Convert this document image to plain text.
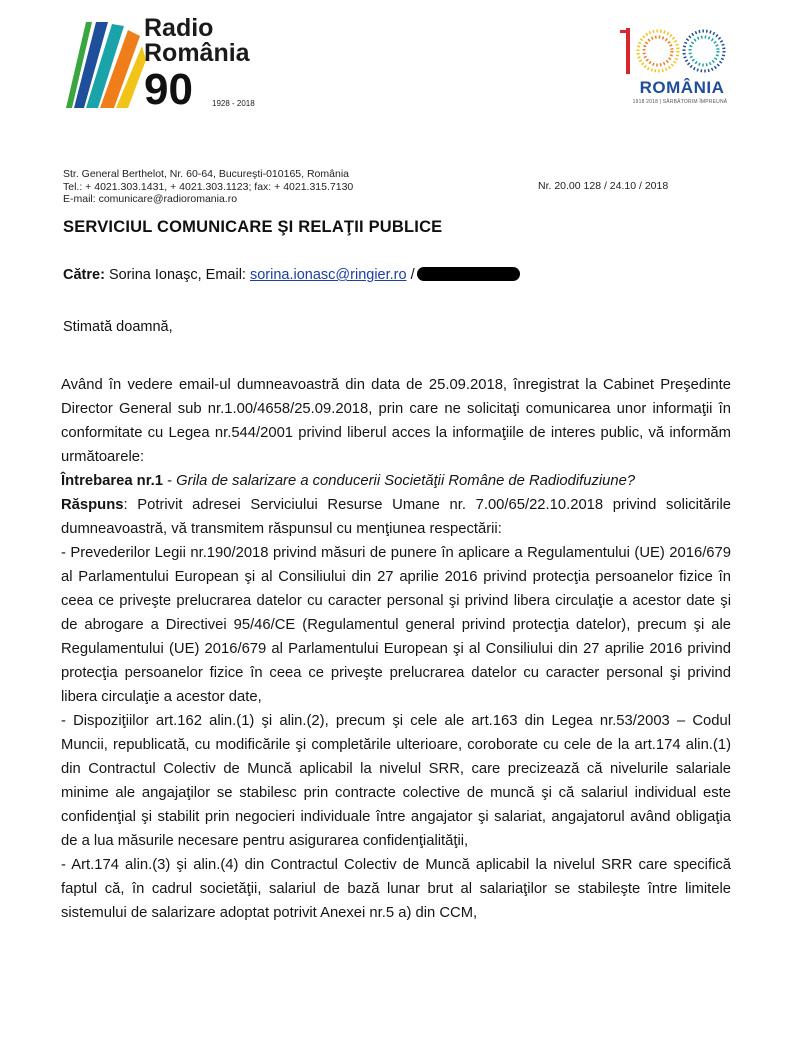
Radio
România
90 1928 - 2018
ROMÂNIA
1918 2018 | SĂRBĂTORIM ÎMPREUNĂ
Str. General Berthelot, Nr. 60-64, Bucureşti-010165, România
Tel.: + 4021.303.1431, + 4021.303.1123; fax: + 4021.315.7130
E-mail: comunicare@radioromania.ro
Nr. 20.00 128 / 24.10 / 2018
SERVICIUL COMUNICARE ŞI RELAŢII PUBLICE
Către: Sorina Ionaşc, Email: sorina.ionasc@ringier.ro /
Stimată doamnă,

Având în vedere email-ul dumneavoastră din data de 25.09.2018, înregistrat la Cabinet Preşedinte Director General sub nr.1.00/4658/25.09.2018, prin care ne solicitaţi comunicarea unor informaţii în conformitate cu Legea nr.544/2001 privind liberul acces la informaţiile de interes public, vă informăm următoarele:

Întrebarea nr.1 - Grila de salarizare a conducerii Societăţii Române de Radiodifuziune?

Răspuns: Potrivit adresei Serviciului Resurse Umane nr. 7.00/65/22.10.2018 privind solicitările dumneavoastră, vă transmitem răspunsul cu menţiunea respectării:

- Prevederilor Legii nr.190/2018 privind măsuri de punere în aplicare a Regulamentului (UE) 2016/679 al Parlamentului European şi al Consiliului din 27 aprilie 2016 privind protecţia persoanelor fizice în ceea ce priveşte prelucrarea datelor cu caracter personal şi privind libera circulaţie a acestor date şi de abrogare a Directivei 95/46/CE (Regulamentul general privind protecţia datelor), precum şi ale Regulamentului (UE) 2016/679 al Parlamentului European şi al Consiliului din 27 aprilie 2016 privind protecţia persoanelor fizice în ceea ce priveşte prelucrarea datelor cu caracter personal şi privind libera circulaţie a acestor date,

- Dispoziţiilor art.162 alin.(1) şi alin.(2), precum şi cele ale art.163 din Legea nr.53/2003 – Codul Muncii, republicată, cu modificările şi completările ulterioare, coroborate cu cele de la art.174 alin.(1) din Contractul Colectiv de Muncă aplicabil la nivelul SRR, care precizează că nivelurile salariale minime ale angajaţilor se stabilesc prin contracte colective de muncă şi că salariul individual este confidenţial şi stabilit prin negocieri individuale între angajator şi salariat, angajatorul având obligaţia de a lua măsurile necesare pentru asigurarea confidenţialităţii,

- Art.174 alin.(3) şi alin.(4) din Contractul Colectiv de Muncă aplicabil la nivelul SRR care specifică faptul că, în cadrul societăţii, salariul de bază lunar brut al salariaţilor se stabileşte între limitele sistemului de salarizare adoptat potrivit Anexei nr.5 a) din CCM,
